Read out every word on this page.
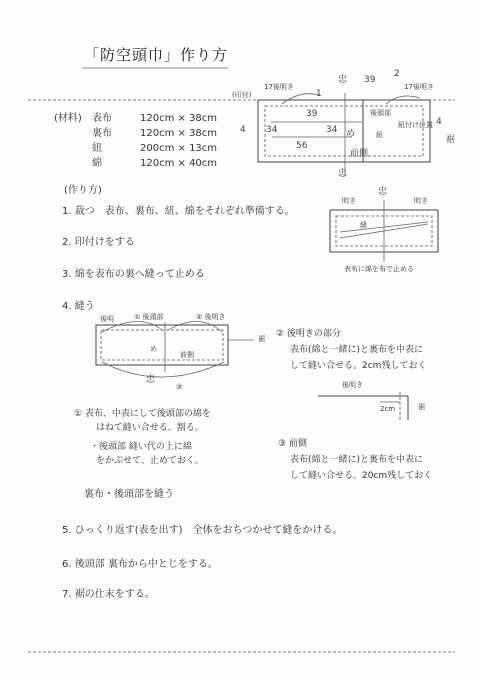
「防空頭巾」作り方
(材料) 表布	120cm × 38cm
裏布	120cm × 38cm
紐	200cm × 13cm
綿	120cm × 40cm
(印付)
17後明き	17後明き
忠 39
2
1
39
4 34	34
56
後頭部
め	紐
紐付け位置
前側
4
裾
忠
(作り方)
1. 裁つ　表布、裏布、紐、綿をそれぞれ準備する。
2. 印付けをする
3. 綿を表布の裏へ縫って止める
4. 縫う
忠
明き	明き
縫
表布に綿を布で止める
後明	① 後頭部	② 後明き
め
前側
裾
忠
③
① 表布、中表にして後頭部の綿を
はねて縫い合せる。割る。
・後頭部 縫い代の上に綿
をかぶせて、止めておく。
裏布・後頭部を縫う
② 後明きの部分
表布(綿と一緒に)と裏布を中表に
して縫い合せる。2cm残しておく
後明き
2cm	裾
③ 前側
表布(綿と一緒に)と裏布を中表に
して縫い合せる。20cm残しておく
5. ひっくり返す(表を出す)　全体をおちつかせて縫をかける。
6. 後頭部 裏布から中とじをする。
7. 裾の仕末をする。
